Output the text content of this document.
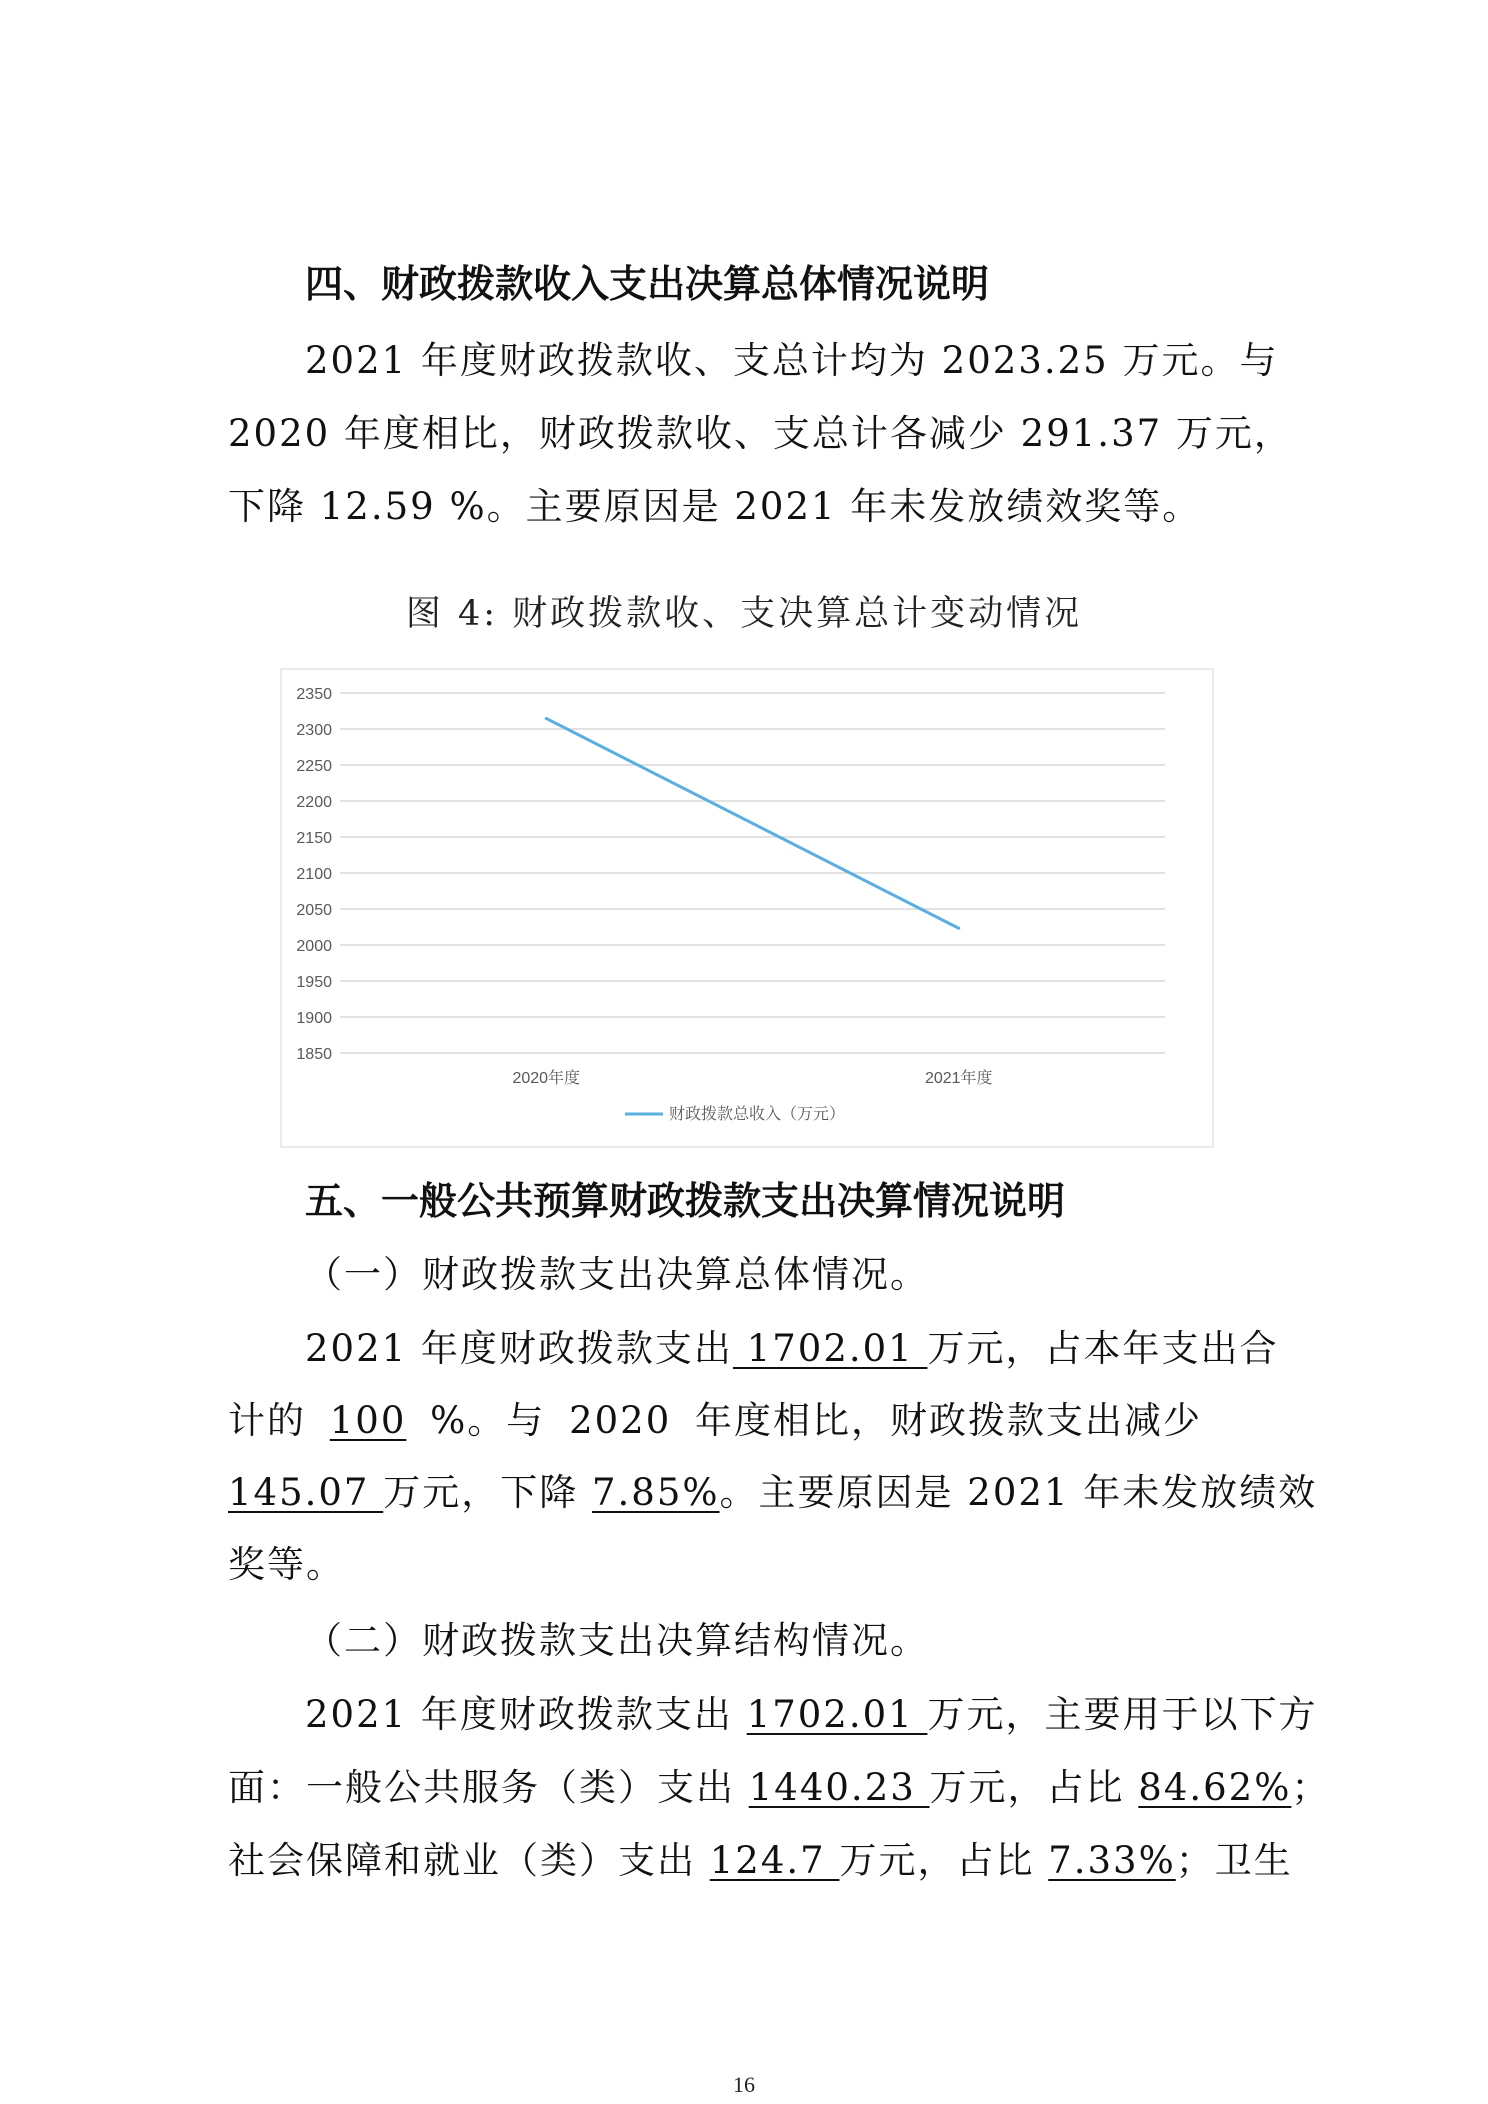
四、财政拨款收入支出决算总体情况说明
2021 年度财政拨款收、支总计均为 2023.25 万元。与
2020 年度相比，财政拨款收、支总计各减少 291.37 万元，
下降 12.59 %。主要原因是 2021 年未发放绩效奖等。
图 4: 财政拨款收、支决算总计变动情况
2350
2300
2250
2200
2150
2100
2050
2000
1950
1900
1850
2020年度	2021年度
财政拨款总收入（万元）
五、一般公共预算财政拨款支出决算情况说明
（一）财政拨款支出决算总体情况。
2021 年度财政拨款支出 1702.01 万元，占本年支出合
计的 100 %。与 2020 年度相比，财政拨款支出减少
145.07 万元，下降 7.85%。主要原因是 2021 年未发放绩效
奖等。
（二）财政拨款支出决算结构情况。
2021 年度财政拨款支出 1702.01 万元，主要用于以下方
面：一般公共服务（类）支出 1440.23 万元，占比 84.62%；
社会保障和就业（类）支出 124.7 万元，占比 7.33%；卫生
16
